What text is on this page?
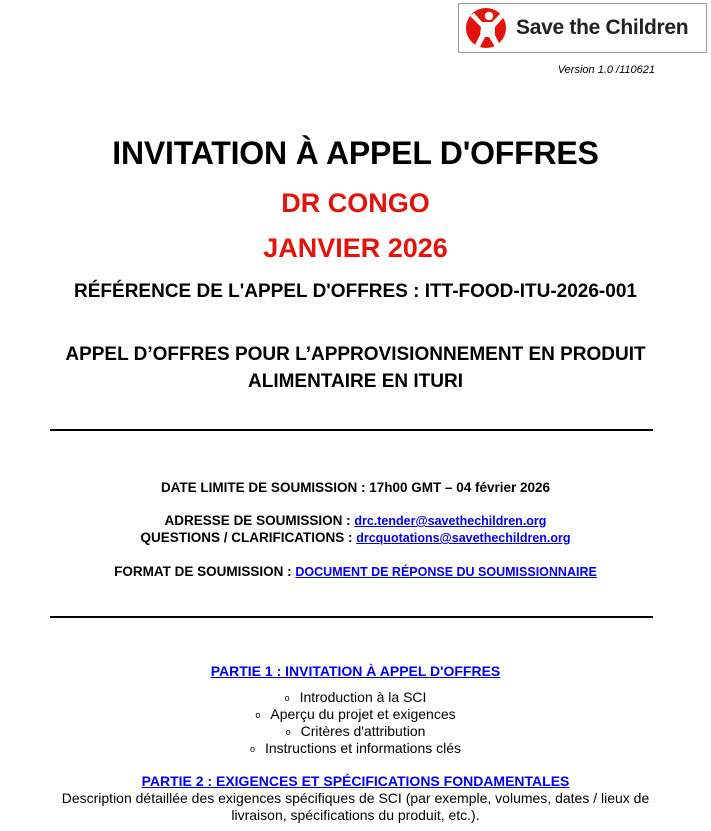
Save the Children
Version 1.0 /110621
INVITATION À APPEL D'OFFRES
DR CONGO
JANVIER 2026
RÉFÉRENCE DE L'APPEL D'OFFRES : ITT-FOOD-ITU-2026-001
APPEL D’OFFRES POUR L’APPROVISIONNEMENT EN PRODUIT ALIMENTAIRE EN ITURI
DATE LIMITE DE SOUMISSION : 17h00 GMT – 04 février 2026
ADRESSE DE SOUMISSION : drc.tender@savethechildren.org
QUESTIONS / CLARIFICATIONS : drcquotations@savethechildren.org
FORMAT DE SOUMISSION : DOCUMENT DE RÉPONSE DU SOUMISSIONNAIRE
PARTIE 1 : INVITATION À APPEL D'OFFRES
o Introduction à la SCI
o Aperçu du projet et exigences
o Critères d'attribution
o Instructions et informations clés
PARTIE 2 : EXIGENCES ET SPÉCIFICATIONS FONDAMENTALES
Description détaillée des exigences spécifiques de SCI (par exemple, volumes, dates / lieux de livraison, spécifications du produit, etc.).
